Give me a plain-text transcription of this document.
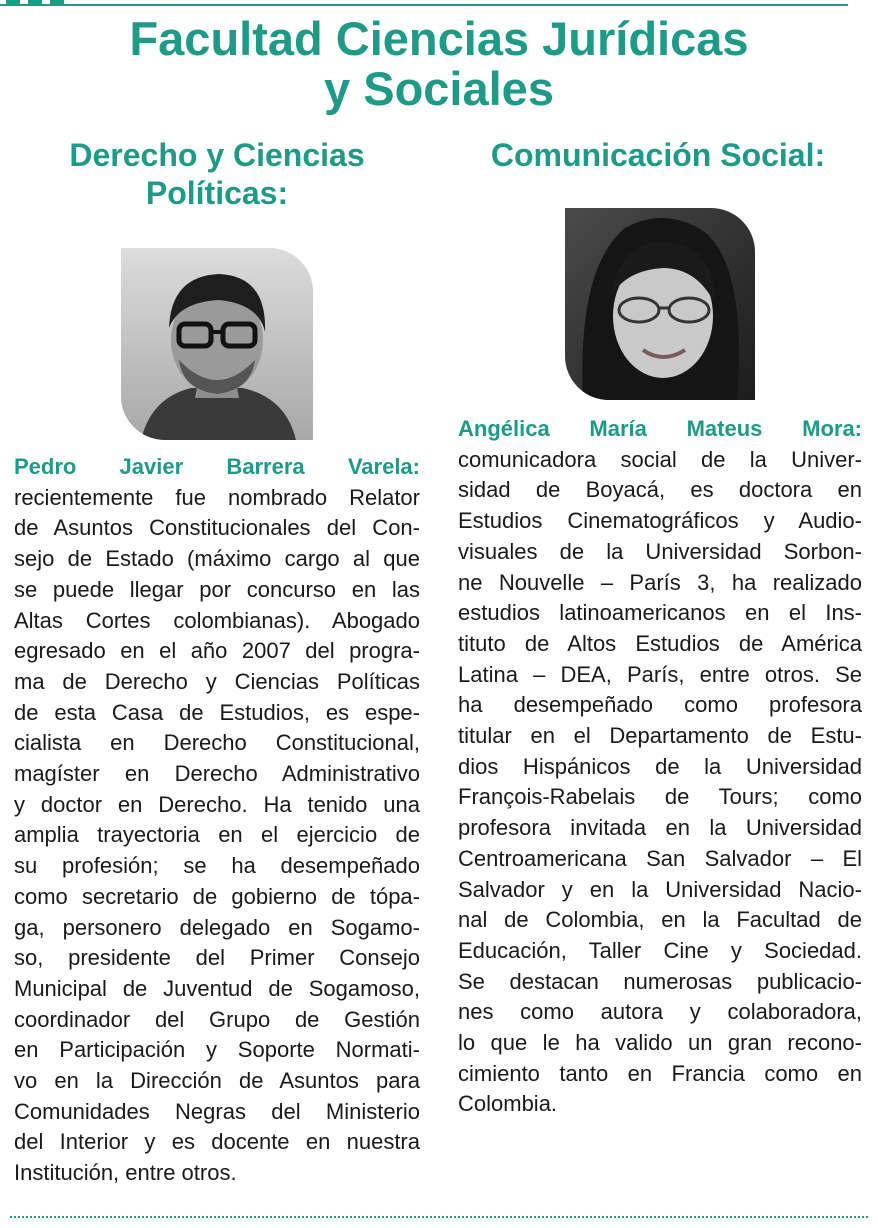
Facultad Ciencias Jurídicas
y Sociales
Derecho y Ciencias
Políticas:
Comunicación Social:
Pedro Javier Barrera Varela:
recientemente fue nombrado Relator
de Asuntos Constitucionales del Con-
sejo de Estado (máximo cargo al que
se puede llegar por concurso en las
Altas Cortes colombianas). Abogado
egresado en el año 2007 del progra-
ma de Derecho y Ciencias Políticas
de esta Casa de Estudios, es espe-
cialista en Derecho Constitucional,
magíster en Derecho Administrativo
y doctor en Derecho. Ha tenido una
amplia trayectoria en el ejercicio de
su profesión; se ha desempeñado
como secretario de gobierno de tópa-
ga, personero delegado en Sogamo-
so, presidente del Primer Consejo
Municipal de Juventud de Sogamoso,
coordinador del Grupo de Gestión
en Participación y Soporte Normati-
vo en la Dirección de Asuntos para
Comunidades Negras del Ministerio
del Interior y es docente en nuestra
Institución, entre otros.
Angélica María Mateus Mora:
comunicadora social de la Univer-
sidad de Boyacá, es doctora en
Estudios Cinematográficos y Audio-
visuales de la Universidad Sorbon-
ne Nouvelle – París 3, ha realizado
estudios latinoamericanos en el Ins-
tituto de Altos Estudios de América
Latina – DEA, París, entre otros. Se
ha desempeñado como profesora
titular en el Departamento de Estu-
dios Hispánicos de la Universidad
François-Rabelais de Tours; como
profesora invitada en la Universidad
Centroamericana San Salvador – El
Salvador y en la Universidad Nacio-
nal de Colombia, en la Facultad de
Educación, Taller Cine y Sociedad.
Se destacan numerosas publicacio-
nes como autora y colaboradora,
lo que le ha valido un gran recono-
cimiento tanto en Francia como en
Colombia.
